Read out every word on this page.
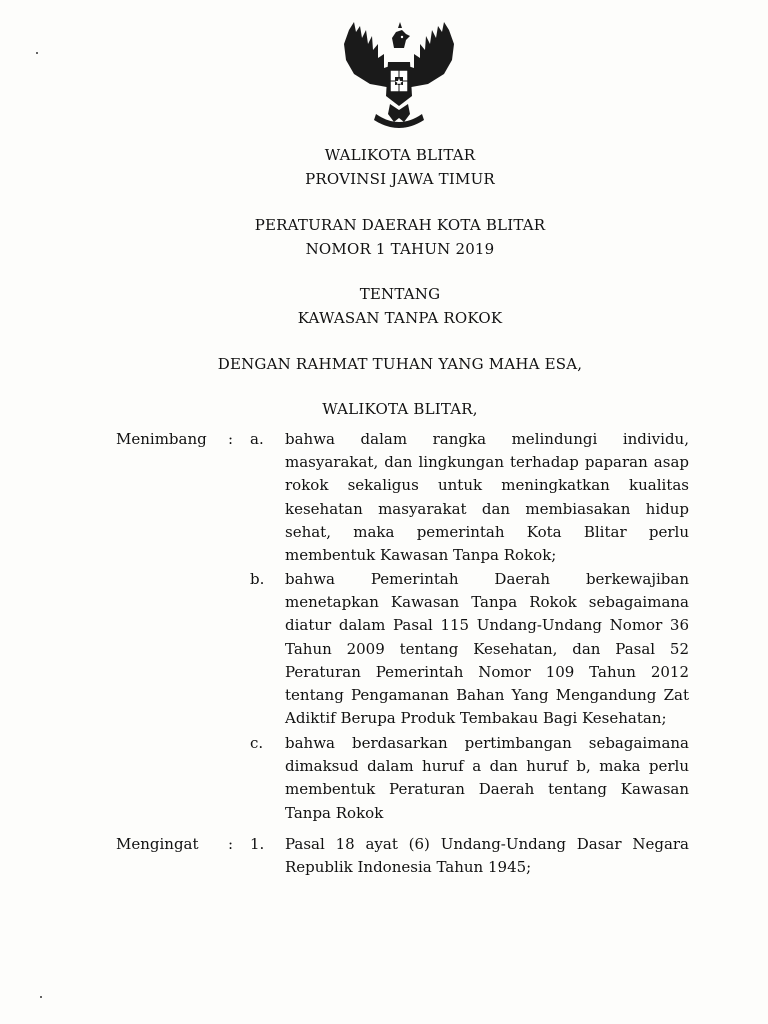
WALIKOTA BLITAR
PROVINSI JAWA TIMUR
PERATURAN DAERAH KOTA BLITAR
NOMOR 1 TAHUN 2019
TENTANG
KAWASAN TANPA ROKOK
DENGAN RAHMAT TUHAN YANG MAHA ESA,
WALIKOTA BLITAR,
Menimbang : a. bahwa dalam rangka melindungi individu, masyarakat, dan lingkungan terhadap paparan asap rokok sekaligus untuk meningkatkan kualitas kesehatan masyarakat dan membiasakan hidup sehat, maka pemerintah Kota Blitar perlu membentuk Kawasan Tanpa Rokok;
b. bahwa Pemerintah Daerah berkewajiban menetapkan Kawasan Tanpa Rokok sebagaimana diatur dalam Pasal 115 Undang-Undang Nomor 36 Tahun 2009 tentang Kesehatan, dan Pasal 52 Peraturan Pemerintah Nomor 109 Tahun 2012 tentang Pengamanan Bahan Yang Mengandung Zat Adiktif Berupa Produk Tembakau Bagi Kesehatan;
c. bahwa berdasarkan pertimbangan sebagaimana dimaksud dalam huruf a dan huruf b, maka perlu membentuk Peraturan Daerah tentang Kawasan Tanpa Rokok
Mengingat : 1. Pasal 18 ayat (6) Undang-Undang Dasar Negara Republik Indonesia Tahun 1945;
